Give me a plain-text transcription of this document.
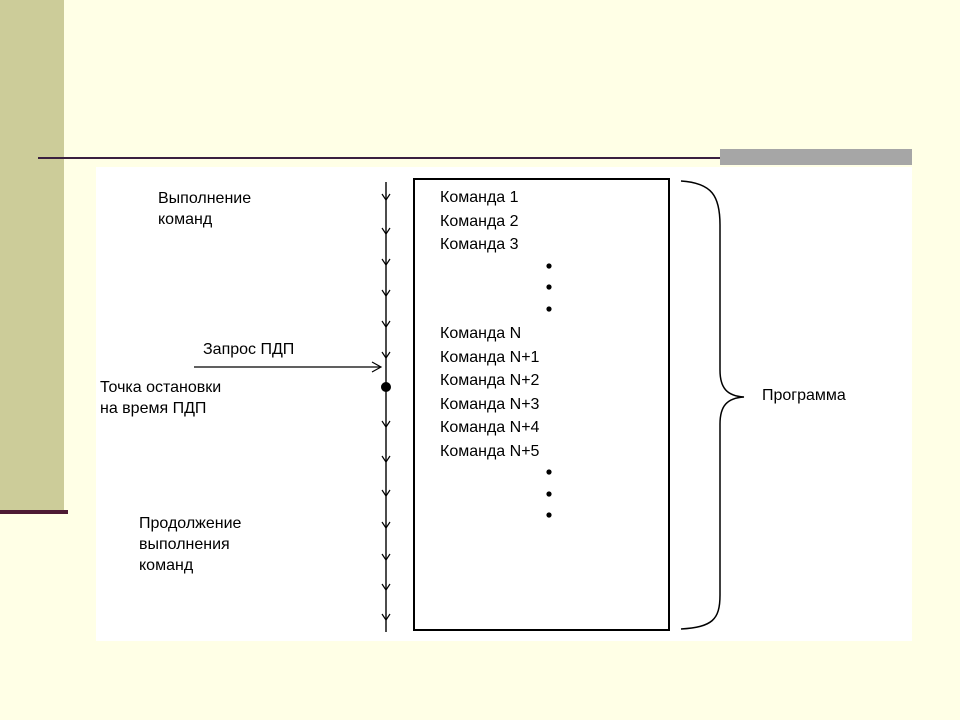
Выполнение
команд
Запрос ПДП
Точка остановки
на время ПДП
Продолжение
выполнения
команд
Программа
Команда 1
Команда 2
Команда 3
Команда N
Команда N+1
Команда N+2
Команда N+3
Команда N+4
Команда N+5
